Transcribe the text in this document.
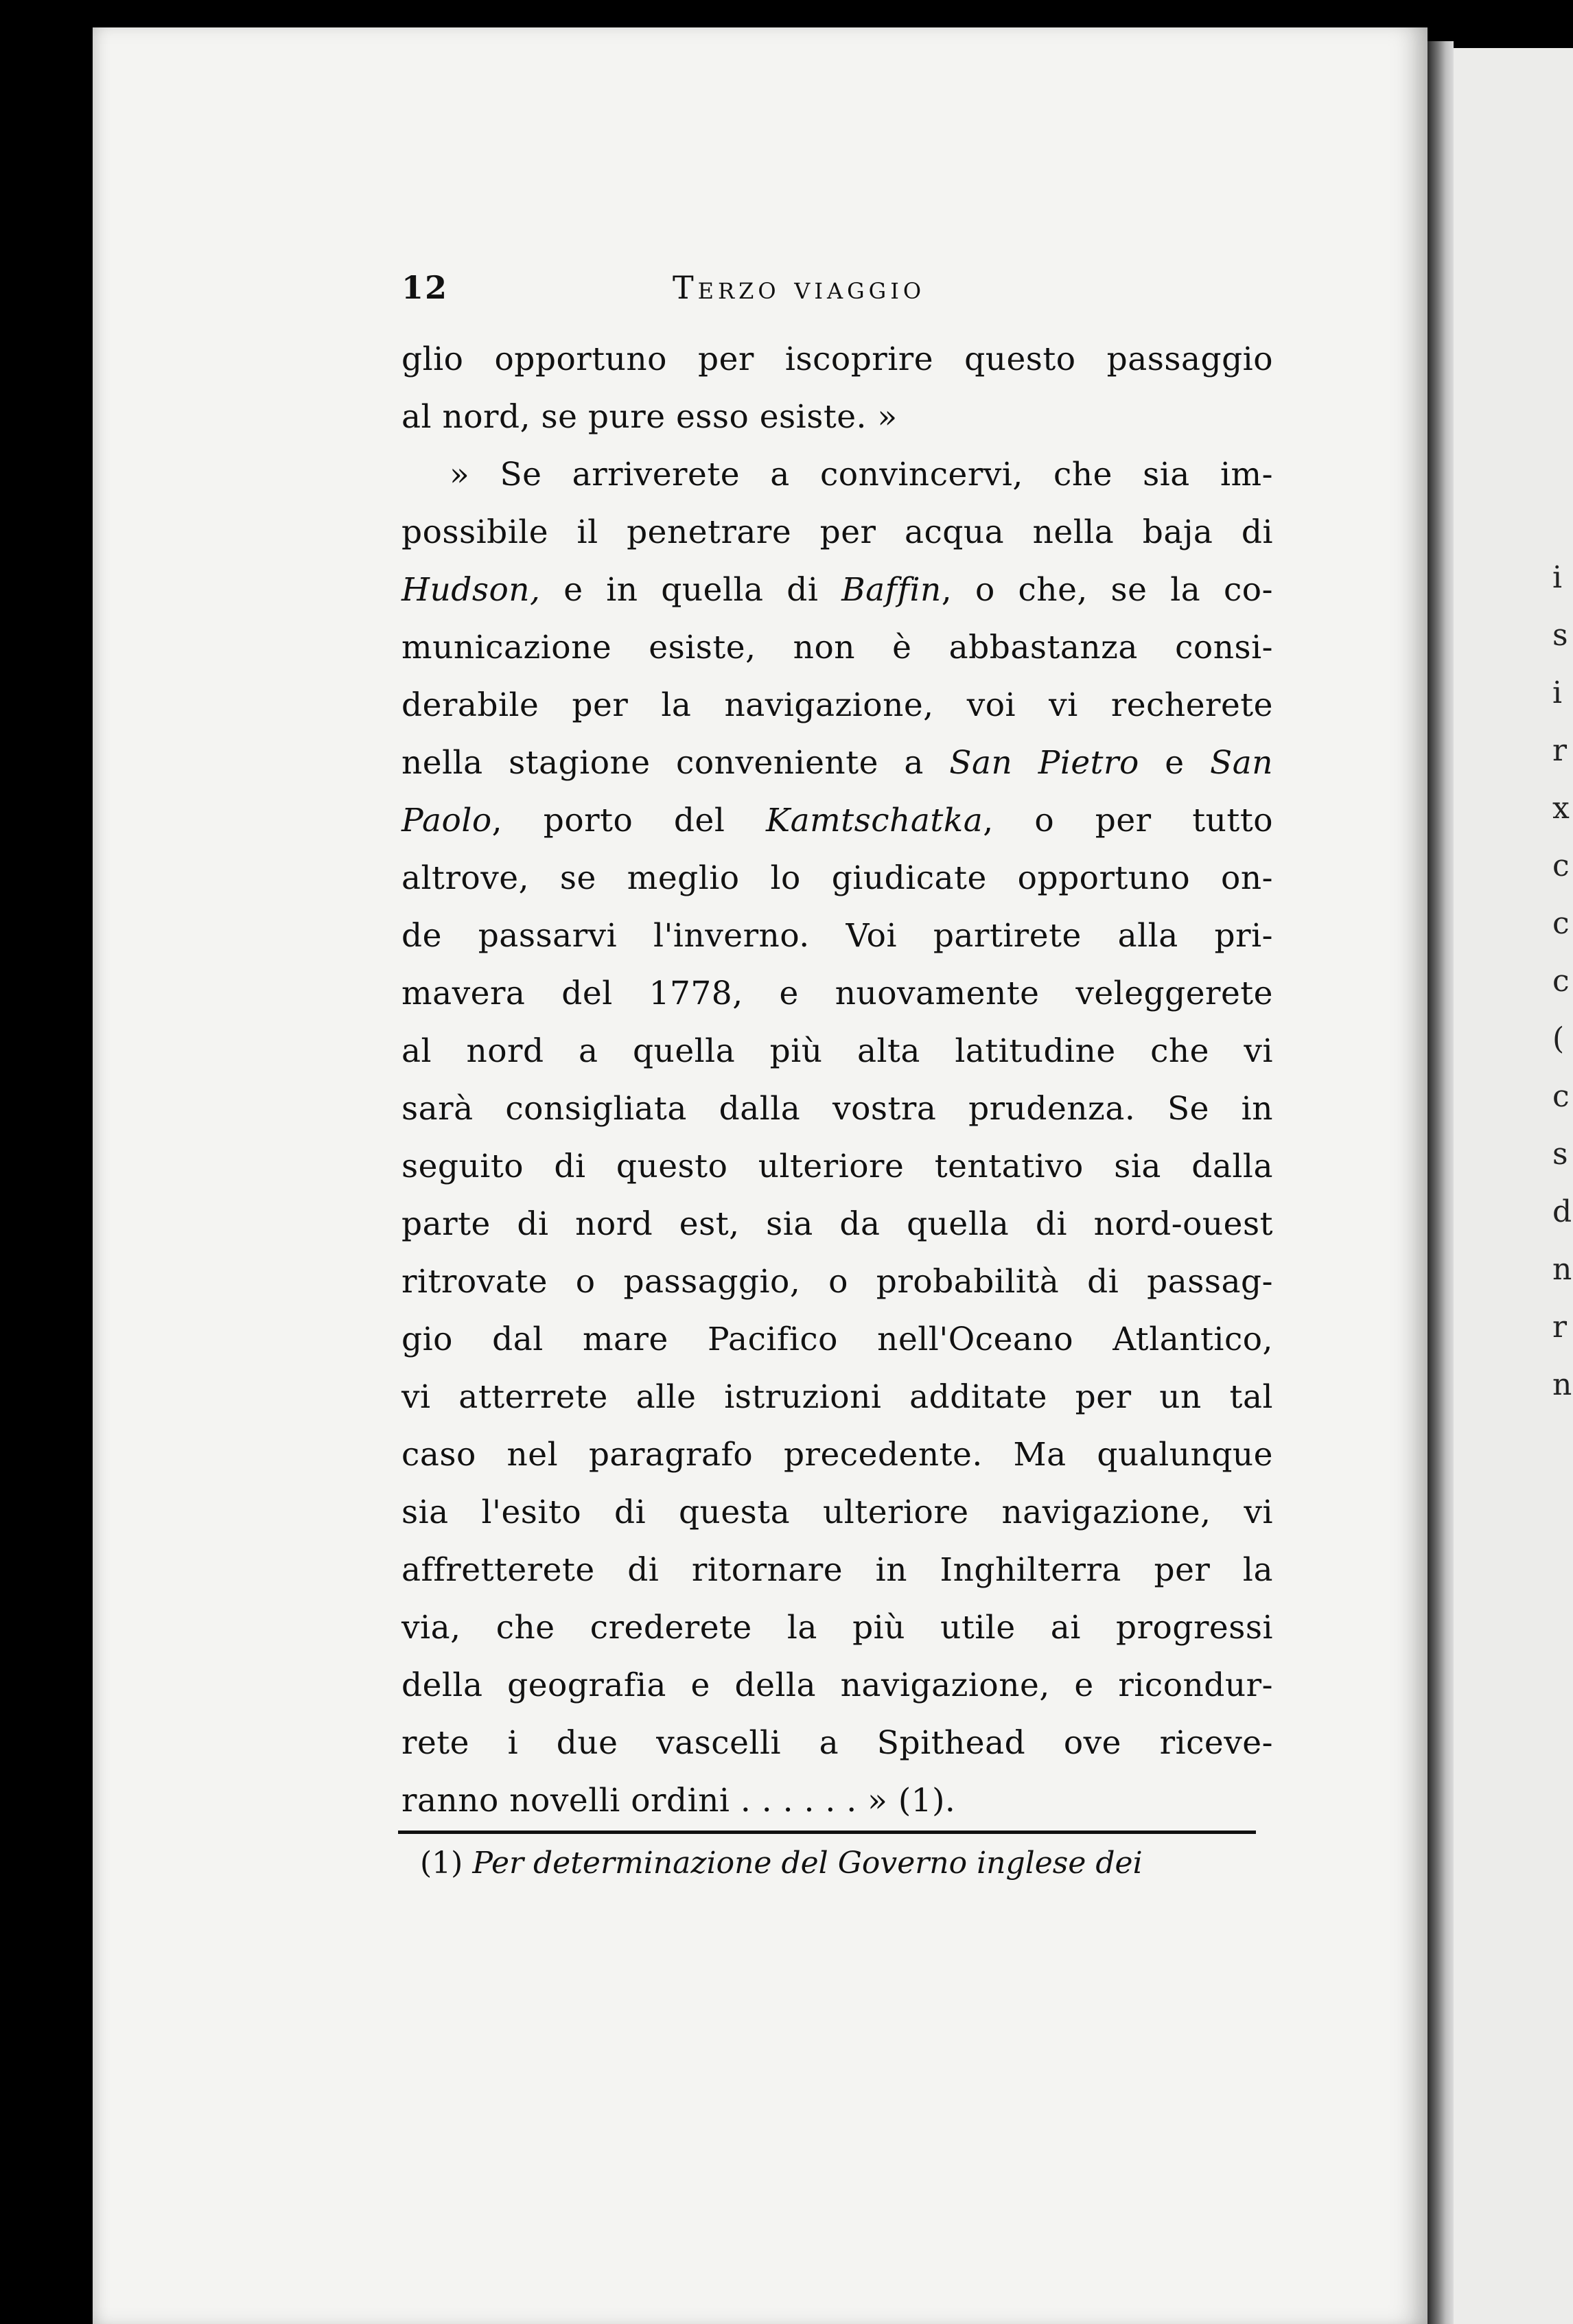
12	Terzo viaggio
glio opportuno per iscoprire questo passaggio
al nord, se pure esso esiste. »
» Se arriverete a convincervi, che sia im-
possibile il penetrare per acqua nella baja di
Hudson, e in quella di Baffin, o che, se la co-
municazione esiste, non è abbastanza consi-
derabile per la navigazione, voi vi recherete
nella stagione conveniente a San Pietro e San
Paolo, porto del Kamtschatka, o per tutto
altrove, se meglio lo giudicate opportuno on-
de passarvi l'inverno. Voi partirete alla pri-
mavera del 1778, e nuovamente veleggerete
al nord a quella più alta latitudine che vi
sarà consigliata dalla vostra prudenza. Se in
seguito di questo ulteriore tentativo sia dalla
parte di nord est, sia da quella di nord-ouest
ritrovate o passaggio, o probabilità di passag-
gio dal mare Pacifico nell'Oceano Atlantico,
vi atterrete alle istruzioni additate per un tal
caso nel paragrafo precedente. Ma qualunque
sia l'esito di questa ulteriore navigazione, vi
affretterete di ritornare in Inghilterra per la
via, che crederete la più utile ai progressi
della geografia e della navigazione, e ricondur-
rete i due vascelli a Spithead ove riceve-
ranno novelli ordini . . . . . . » (1).
(1) Per determinazione del Governo inglese dei
i
s
i
r
x
c
c
c
(
c
s
d
n
r
n
